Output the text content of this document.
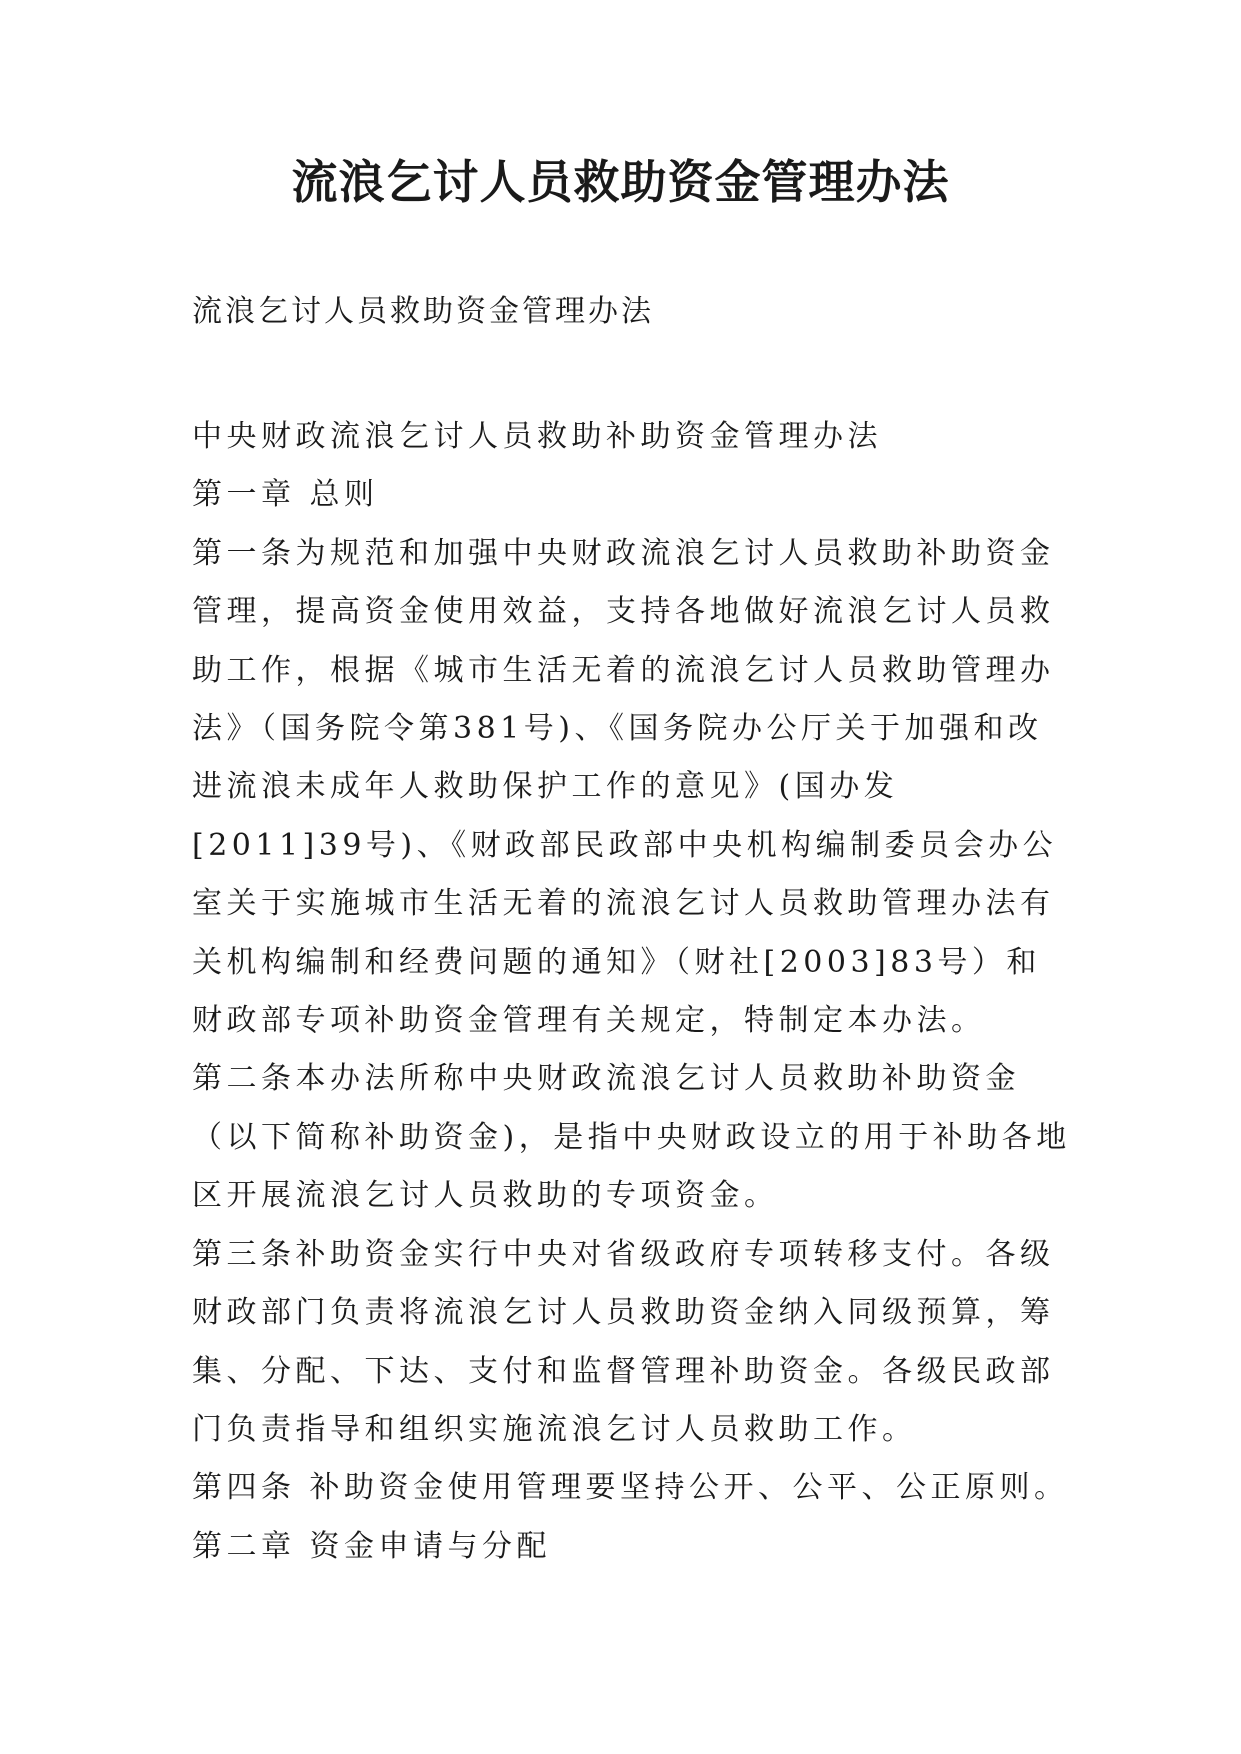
流浪乞讨人员救助资金管理办法

流浪乞讨人员救助资金管理办法

中央财政流浪乞讨人员救助补助资金管理办法

第一章 总则

第一条为规范和加强中央财政流浪乞讨人员救助补助资金管理，提高资金使用效益，支持各地做好流浪乞讨人员救助工作，根据《城市生活无着的流浪乞讨人员救助管理办法》（国务院令第381号)、《国务院办公厅关于加强和改进流浪未成年人救助保护工作的意见》(国办发[2011]39号)、《财政部民政部中央机构编制委员会办公室关于实施城市生活无着的流浪乞讨人员救助管理办法有关机构编制和经费问题的通知》（财社[2003]83号）和财政部专项补助资金管理有关规定，特制定本办法。

第二条本办法所称中央财政流浪乞讨人员救助补助资金（以下简称补助资金)，是指中央财政设立的用于补助各地区开展流浪乞讨人员救助的专项资金。

第三条补助资金实行中央对省级政府专项转移支付。各级财政部门负责将流浪乞讨人员救助资金纳入同级预算，筹集、分配、下达、支付和监督管理补助资金。各级民政部门负责指导和组织实施流浪乞讨人员救助工作。

第四条 补助资金使用管理要坚持公开、公平、公正原则。

第二章 资金申请与分配
